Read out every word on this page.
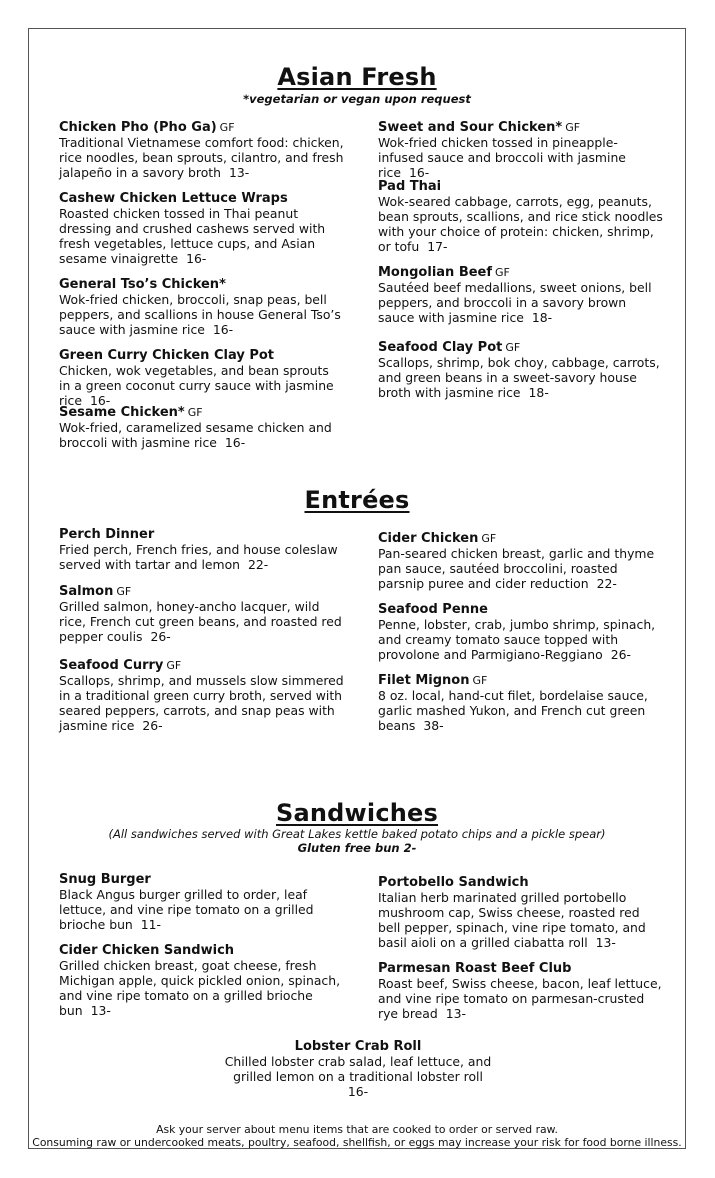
Asian Fresh
*vegetarian or vegan upon request
Chicken Pho (Pho Ga) GF
Traditional Vietnamese comfort food: chicken, rice noodles, bean sprouts, cilantro, and fresh jalapeño in a savory broth 13-
Cashew Chicken Lettuce Wraps
Roasted chicken tossed in Thai peanut dressing and crushed cashews served with fresh vegetables, lettuce cups, and Asian sesame vinaigrette 16-
General Tso’s Chicken*
Wok-fried chicken, broccoli, snap peas, bell peppers, and scallions in house General Tso’s sauce with jasmine rice 16-
Green Curry Chicken Clay Pot
Chicken, wok vegetables, and bean sprouts in a green coconut curry sauce with jasmine rice 16-
Sesame Chicken* GF
Wok-fried, caramelized sesame chicken and broccoli with jasmine rice 16-
Sweet and Sour Chicken* GF
Wok-fried chicken tossed in pineapple-infused sauce and broccoli with jasmine rice 16-
Pad Thai
Wok-seared cabbage, carrots, egg, peanuts, bean sprouts, scallions, and rice stick noodles with your choice of protein: chicken, shrimp, or tofu 17-
Mongolian Beef GF
Sautéed beef medallions, sweet onions, bell peppers, and broccoli in a savory brown sauce with jasmine rice 18-
Seafood Clay Pot GF
Scallops, shrimp, bok choy, cabbage, carrots, and green beans in a sweet-savory house broth with jasmine rice 18-
Entrées
Perch Dinner
Fried perch, French fries, and house coleslaw served with tartar and lemon 22-
Salmon GF
Grilled salmon, honey-ancho lacquer, wild rice, French cut green beans, and roasted red pepper coulis 26-
Seafood Curry GF
Scallops, shrimp, and mussels slow simmered in a traditional green curry broth, served with seared peppers, carrots, and snap peas with jasmine rice 26-
Cider Chicken GF
Pan-seared chicken breast, garlic and thyme pan sauce, sautéed broccolini, roasted parsnip puree and cider reduction 22-
Seafood Penne
Penne, lobster, crab, jumbo shrimp, spinach, and creamy tomato sauce topped with provolone and Parmigiano-Reggiano 26-
Filet Mignon GF
8 oz. local, hand-cut filet, bordelaise sauce, garlic mashed Yukon, and French cut green beans 38-
Sandwiches
(All sandwiches served with Great Lakes kettle baked potato chips and a pickle spear)
Gluten free bun 2-
Snug Burger
Black Angus burger grilled to order, leaf lettuce, and vine ripe tomato on a grilled brioche bun 11-
Cider Chicken Sandwich
Grilled chicken breast, goat cheese, fresh Michigan apple, quick pickled onion, spinach, and vine ripe tomato on a grilled brioche bun 13-
Portobello Sandwich
Italian herb marinated grilled portobello mushroom cap, Swiss cheese, roasted red bell pepper, spinach, vine ripe tomato, and basil aioli on a grilled ciabatta roll 13-
Parmesan Roast Beef Club
Roast beef, Swiss cheese, bacon, leaf lettuce, and vine ripe tomato on parmesan-crusted rye bread 13-
Lobster Crab Roll
Chilled lobster crab salad, leaf lettuce, and grilled lemon on a traditional lobster roll
16-
Ask your server about menu items that are cooked to order or served raw.
Consuming raw or undercooked meats, poultry, seafood, shellfish, or eggs may increase your risk for food borne illness.
